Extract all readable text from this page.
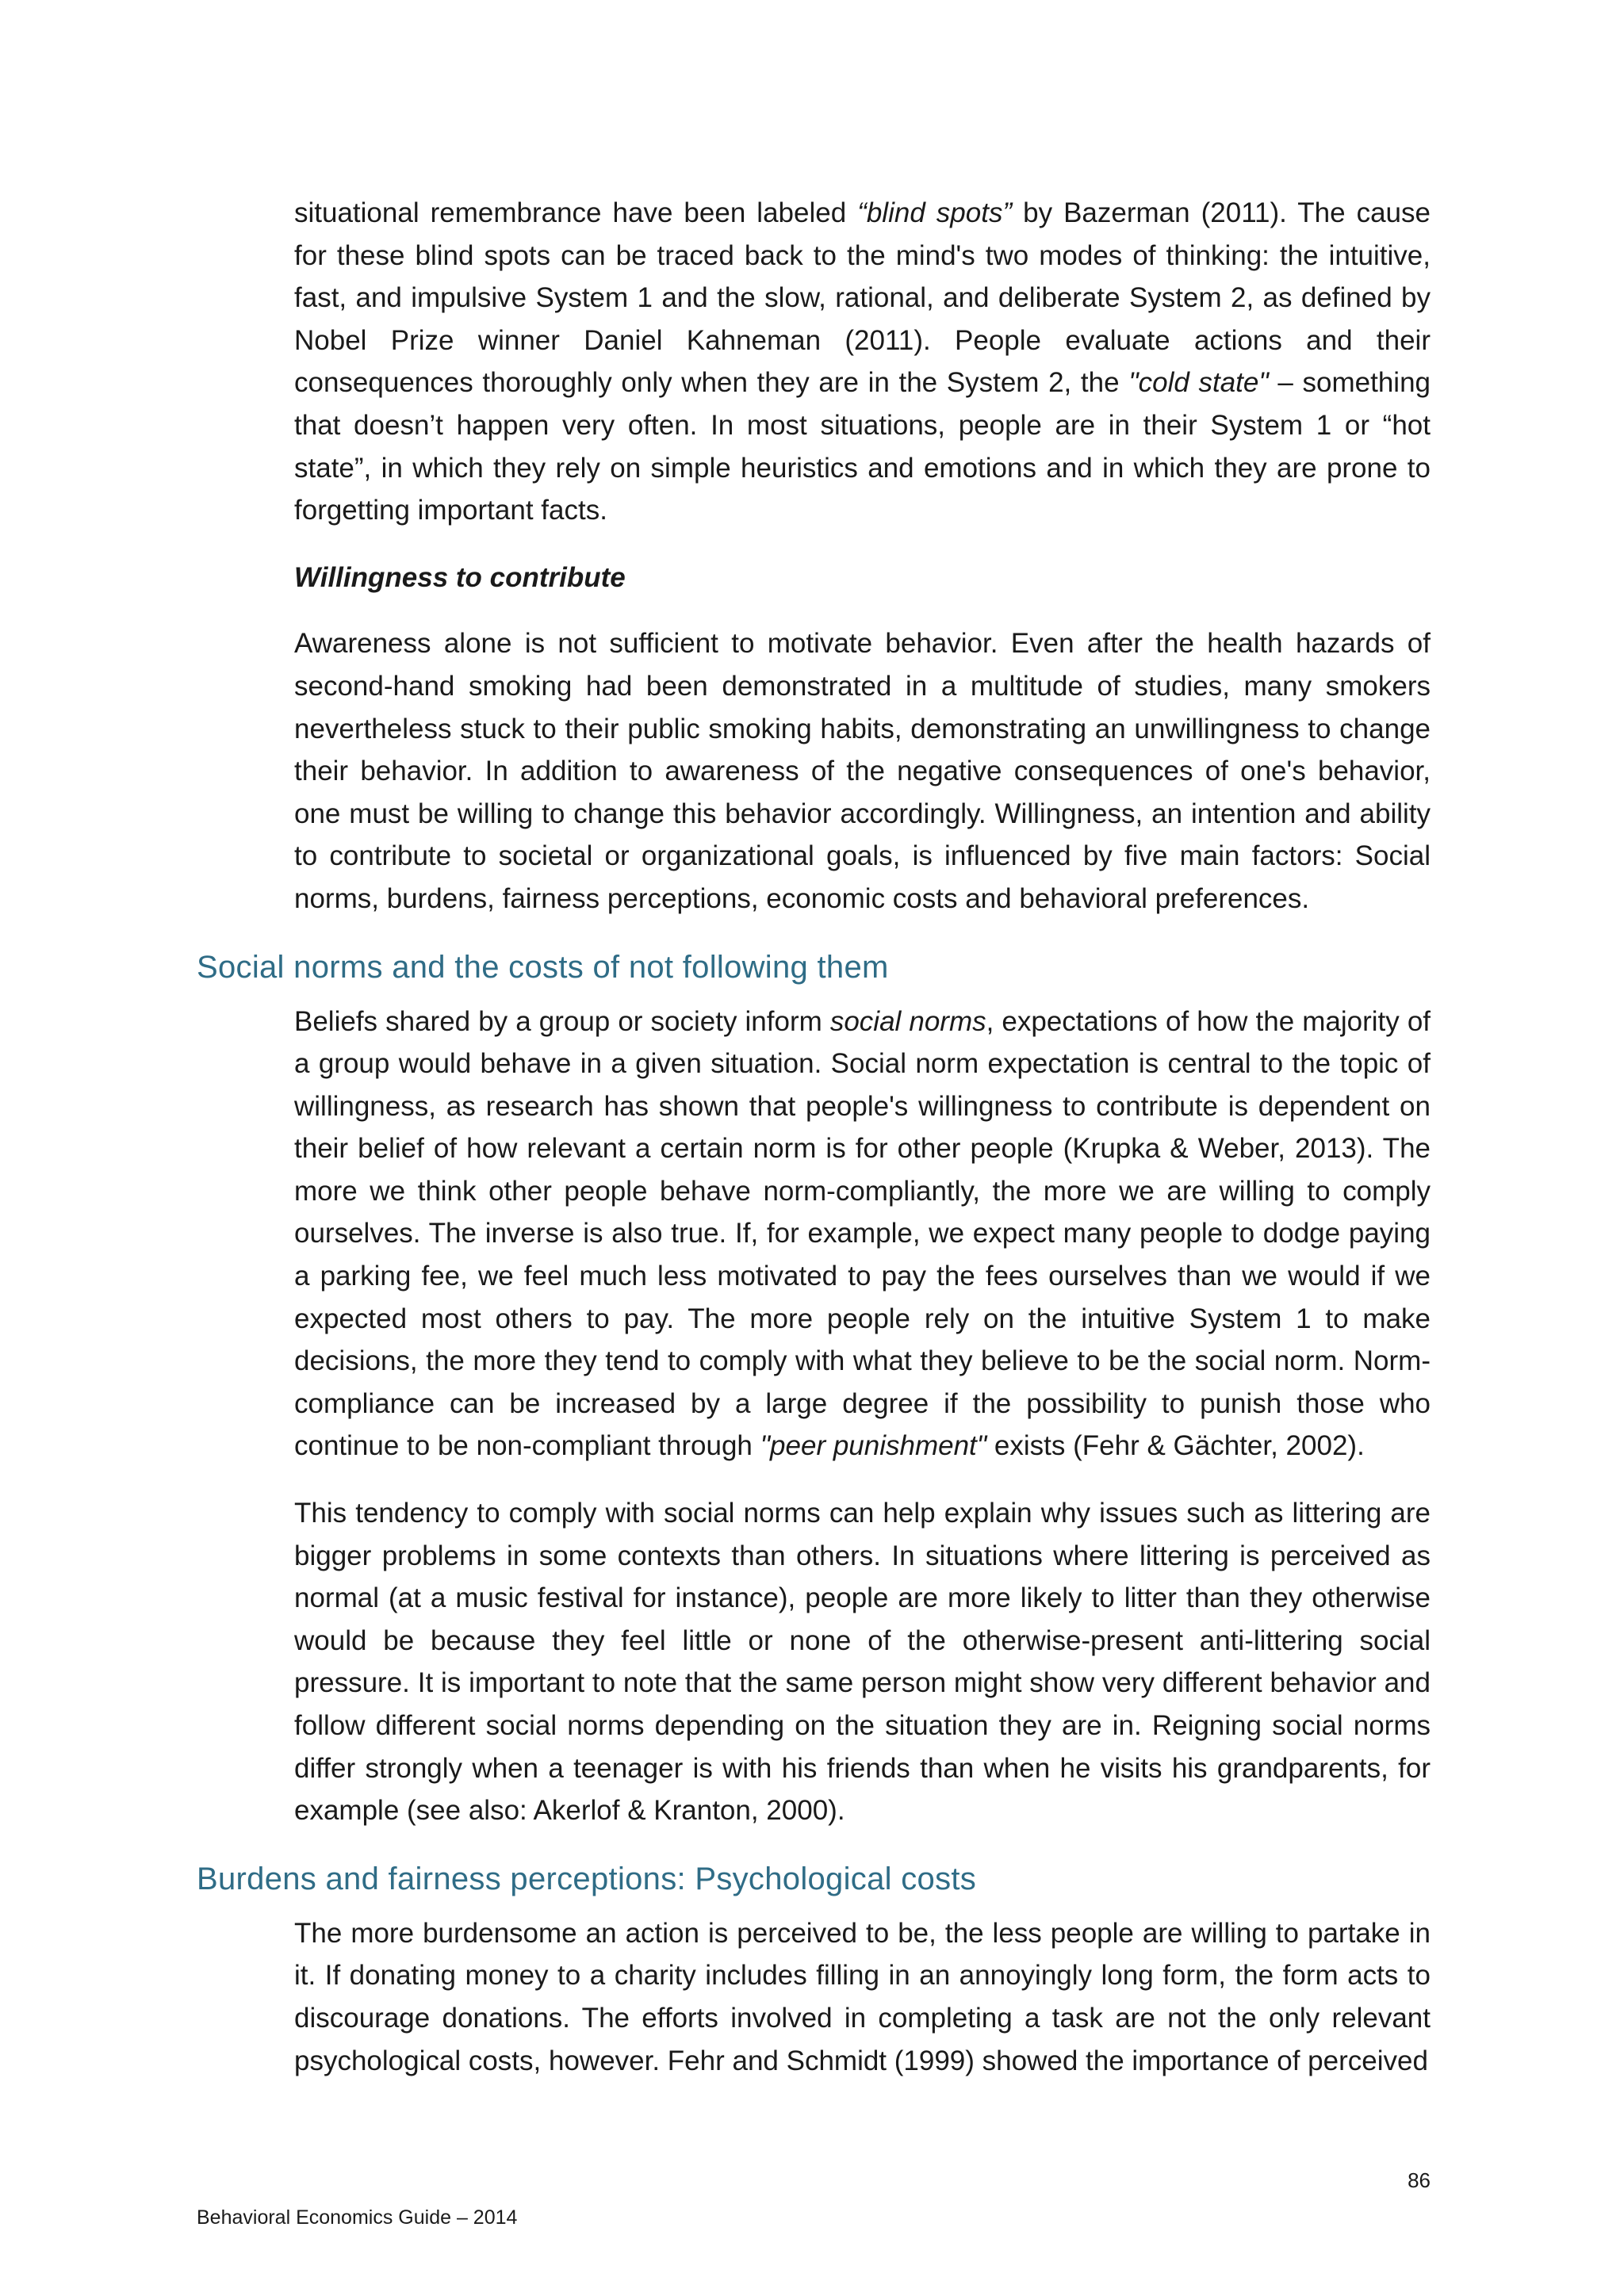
situational remembrance have been labeled “blind spots” by Bazerman (2011). The cause for these blind spots can be traced back to the mind's two modes of thinking: the intuitive, fast, and impulsive System 1 and the slow, rational, and deliberate System 2, as defined by Nobel Prize winner Daniel Kahneman (2011). People evaluate actions and their consequences thoroughly only when they are in the System 2, the "cold state" – something that doesn’t happen very often. In most situations, people are in their System 1 or “hot state”, in which they rely on simple heuristics and emotions and in which they are prone to forgetting important facts.

Willingness to contribute

Awareness alone is not sufficient to motivate behavior. Even after the health hazards of second-hand smoking had been demonstrated in a multitude of studies, many smokers nevertheless stuck to their public smoking habits, demonstrating an unwillingness to change their behavior. In addition to awareness of the negative consequences of one's behavior, one must be willing to change this behavior accordingly. Willingness, an intention and ability to contribute to societal or organizational goals, is influenced by five main factors: Social norms, burdens, fairness perceptions, economic costs and behavioral preferences.

Social norms and the costs of not following them

Beliefs shared by a group or society inform social norms, expectations of how the majority of a group would behave in a given situation. Social norm expectation is central to the topic of willingness, as research has shown that people's willingness to contribute is dependent on their belief of how relevant a certain norm is for other people (Krupka & Weber, 2013). The more we think other people behave norm-compliantly, the more we are willing to comply ourselves. The inverse is also true. If, for example, we expect many people to dodge paying a parking fee, we feel much less motivated to pay the fees ourselves than we would if we expected most others to pay. The more people rely on the intuitive System 1 to make decisions, the more they tend to comply with what they believe to be the social norm. Norm-compliance can be increased by a large degree if the possibility to punish those who continue to be non-compliant through "peer punishment" exists (Fehr & Gächter, 2002).

This tendency to comply with social norms can help explain why issues such as littering are bigger problems in some contexts than others. In situations where littering is perceived as normal (at a music festival for instance), people are more likely to litter than they otherwise would be because they feel little or none of the otherwise-present anti-littering social pressure. It is important to note that the same person might show very different behavior and follow different social norms depending on the situation they are in. Reigning social norms differ strongly when a teenager is with his friends than when he visits his grandparents, for example (see also: Akerlof & Kranton, 2000).

Burdens and fairness perceptions: Psychological costs

The more burdensome an action is perceived to be, the less people are willing to partake in it. If donating money to a charity includes filling in an annoyingly long form, the form acts to discourage donations. The efforts involved in completing a task are not the only relevant psychological costs, however. Fehr and Schmidt (1999) showed the importance of perceived

86
Behavioral Economics Guide – 2014
